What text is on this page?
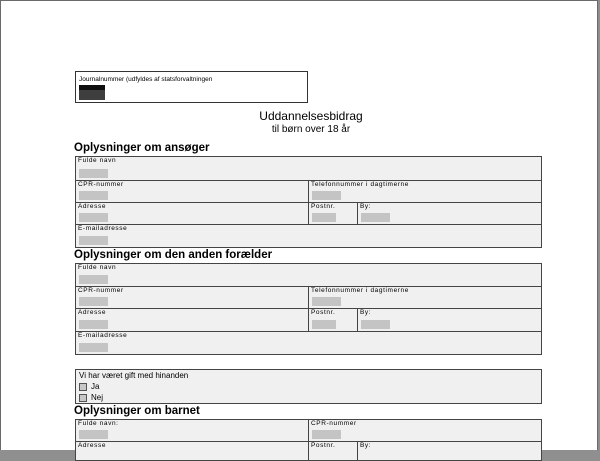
Journalnummer (udfyldes af statsforvaltningen
Uddannelsesbidrag
til børn over 18 år
Oplysninger om ansøger
Fulde navn
CPR-nummer	Telefonnummer i dagtimerne
Adresse	Postnr.	By:
E-mailadresse
Oplysninger om den anden forælder
Fulde navn
CPR-nummer	Telefonnummer i dagtimerne
Adresse	Postnr.	By:
E-mailadresse
Vi har været gift med hinanden
Ja
Nej
Oplysninger om barnet
Fulde navn:	CPR-nummer
Adresse	Postnr.	By:
